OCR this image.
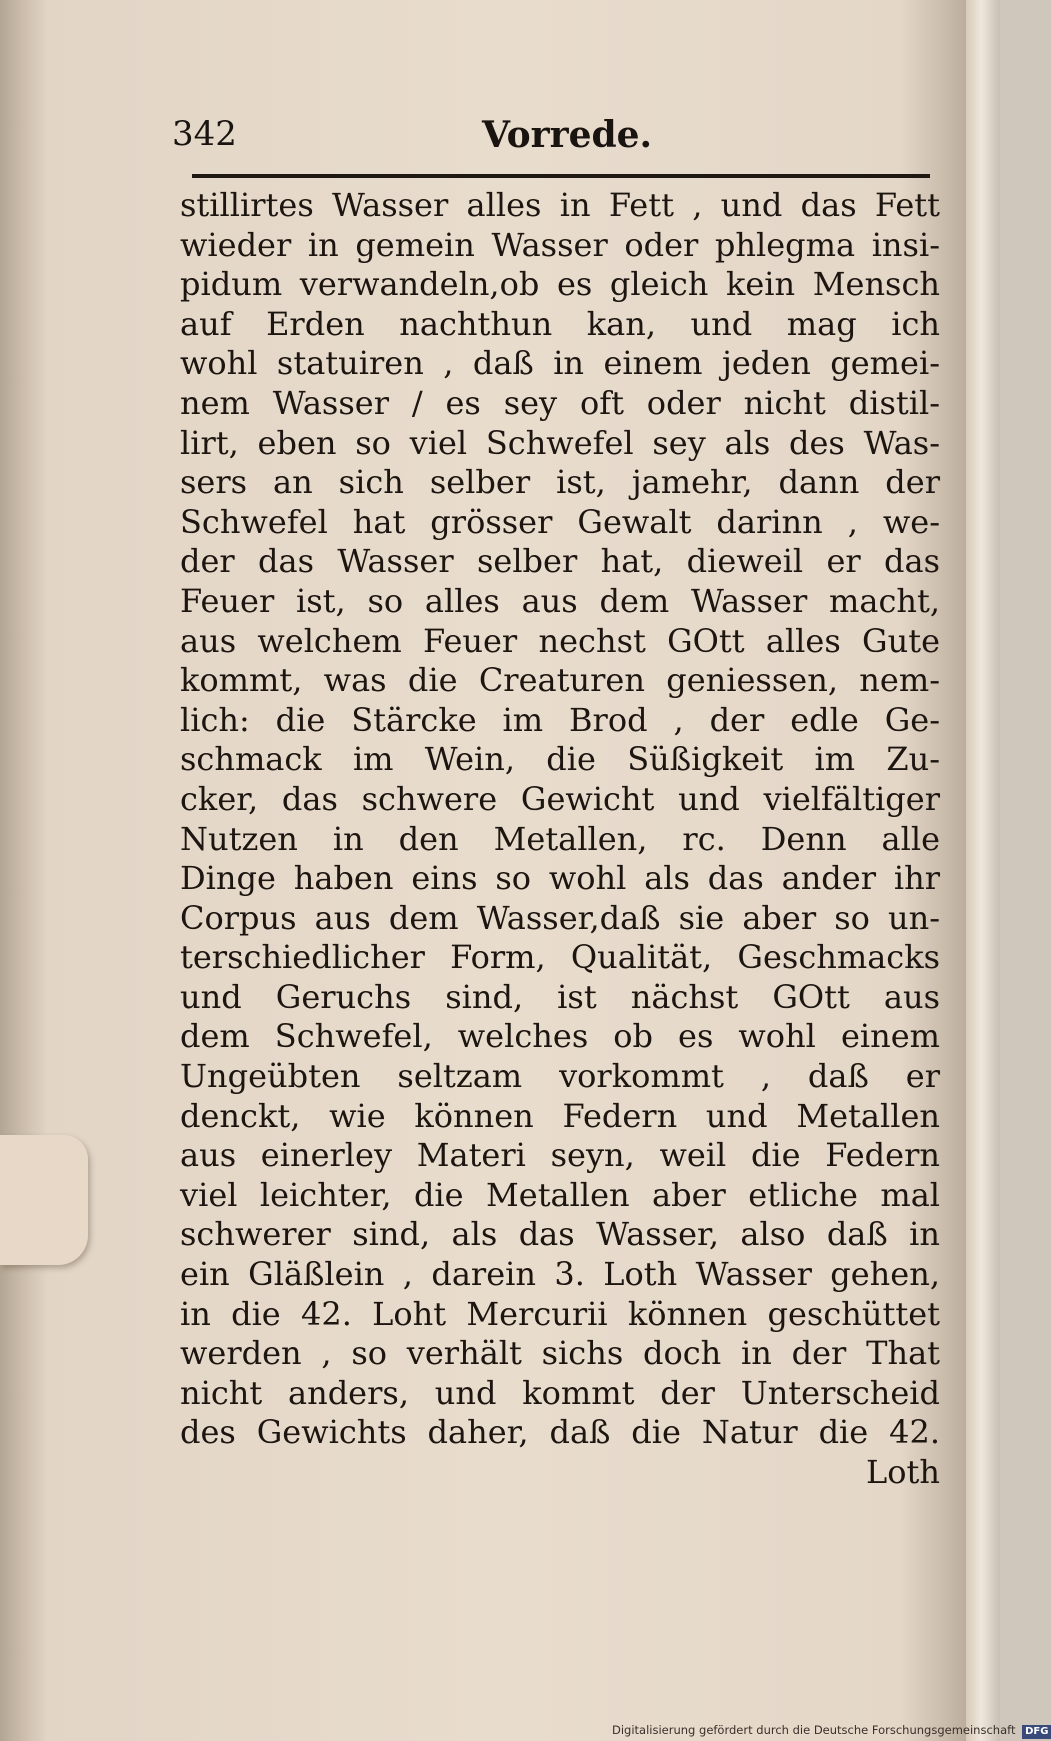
342	Vorrede.
stillirtes Wasser alles in Fett , und das Fett
wieder in gemein Wasser oder phlegma insi-
pidum verwandeln,ob es gleich kein Mensch
auf Erden nachthun kan, und mag ich
wohl statuiren , daß in einem jeden gemei-
nem Wasser / es sey oft oder nicht distil-
lirt, eben so viel Schwefel sey als des Was-
sers an sich selber ist, jamehr, dann der
Schwefel hat grösser Gewalt darinn , we-
der das Wasser selber hat, dieweil er das
Feuer ist, so alles aus dem Wasser macht,
aus welchem Feuer nechst GOtt alles Gute
kommt, was die Creaturen geniessen, nem-
lich: die Stärcke im Brod , der edle Ge-
schmack im Wein, die Süßigkeit im Zu-
cker, das schwere Gewicht und vielfältiger
Nutzen in den Metallen, rc. Denn alle
Dinge haben eins so wohl als das ander ihr
Corpus aus dem Wasser,daß sie aber so un-
terschiedlicher Form, Qualität, Geschmacks
und Geruchs sind, ist nächst GOtt aus
dem Schwefel, welches ob es wohl einem
Ungeübten seltzam vorkommt , daß er
denckt, wie können Federn und Metallen
aus einerley Materi seyn, weil die Federn
viel leichter, die Metallen aber etliche mal
schwerer sind, als das Wasser, also daß in
ein Gläßlein , darein 3. Loth Wasser gehen,
in die 42. Loht Mercurii können geschüttet
werden , so verhält sichs doch in der That
nicht anders, und kommt der Unterscheid
des Gewichts daher, daß die Natur die 42.
Loth
Digitalisierung gefördert durch die Deutsche Forschungsgemeinschaft DFG
